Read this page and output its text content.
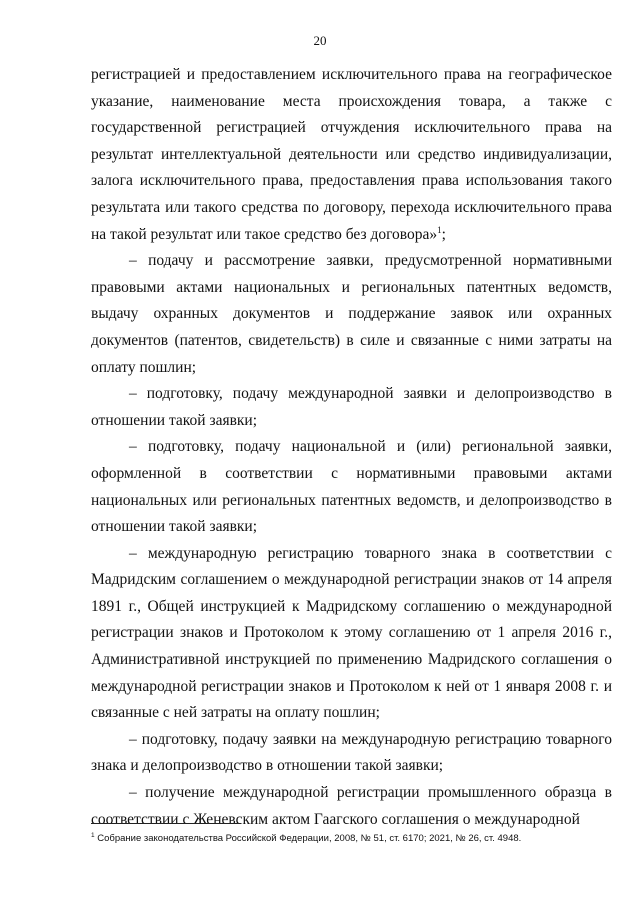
20

регистрацией и предоставлением исключительного права на географическое указание, наименование места происхождения товара, а также с государственной регистрацией отчуждения исключительного права на результат интеллектуальной деятельности или средство индивидуализации, залога исключительного права, предоставления права использования такого результата или такого средства по договору, перехода исключительного права на такой результат или такое средство без договора»$^1$;

– подачу и рассмотрение заявки, предусмотренной нормативными правовыми актами национальных и региональных патентных ведомств, выдачу охранных документов и поддержание заявок или охранных документов (патентов, свидетельств) в силе и связанные с ними затраты на оплату пошлин;

– подготовку, подачу международной заявки и делопроизводство в отношении такой заявки;

– подготовку, подачу национальной и (или) региональной заявки, оформленной в соответствии с нормативными правовыми актами национальных или региональных патентных ведомств, и делопроизводство в отношении такой заявки;

– международную регистрацию товарного знака в соответствии с Мадридским соглашением о международной регистрации знаков от 14 апреля 1891 г., Общей инструкцией к Мадридскому соглашению о международной регистрации знаков и Протоколом к этому соглашению от 1 апреля 2016 г., Административной инструкцией по применению Мадридского соглашения о международной регистрации знаков и Протоколом к ней от 1 января 2008 г. и связанные с ней затраты на оплату пошлин;

– подготовку, подачу заявки на международную регистрацию товарного знака и делопроизводство в отношении такой заявки;

– получение международной регистрации промышленного образца в соответствии с Женевским актом Гаагского соглашения о международной

$^1$ Собрание законодательства Российской Федерации, 2008, № 51, ст. 6170; 2021, № 26, ст. 4948.
